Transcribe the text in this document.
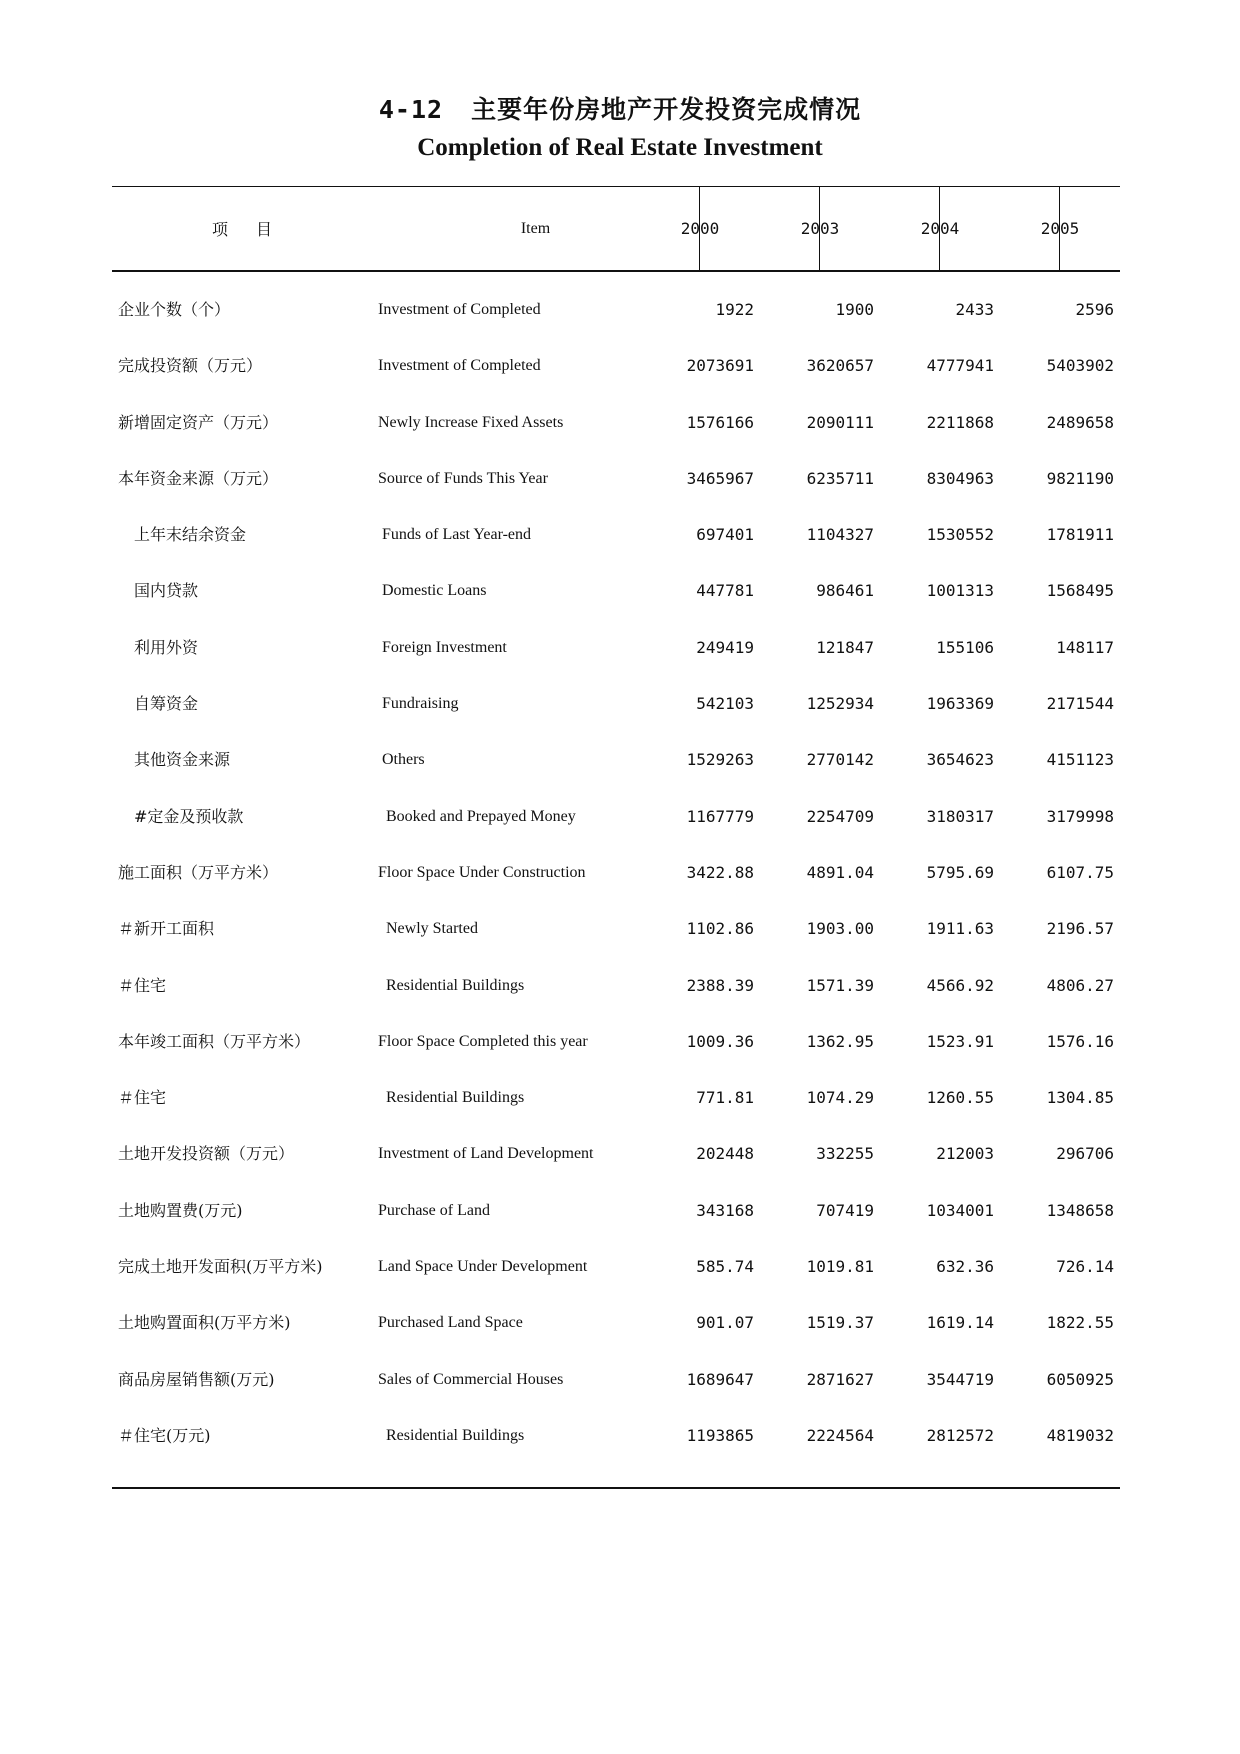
4-12 主要年份房地产开发投资完成情况
Completion of Real Estate Investment
项目	Item	2000	2003	2004	2005
企业个数（个）	Investment of Completed	1922	1900	2433	2596
完成投资额（万元）	Investment of Completed	2073691	3620657	4777941	5403902
新增固定资产（万元）	Newly Increase Fixed Assets	1576166	2090111	2211868	2489658
本年资金来源（万元）	Source of Funds This Year	3465967	6235711	8304963	9821190
上年末结余资金	Funds of Last Year-end	697401	1104327	1530552	1781911
国内贷款	Domestic Loans	447781	986461	1001313	1568495
利用外资	Foreign Investment	249419	121847	155106	148117
自筹资金	Fundraising	542103	1252934	1963369	2171544
其他资金来源	Others	1529263	2770142	3654623	4151123
#定金及预收款	Booked and Prepayed Money	1167779	2254709	3180317	3179998
施工面积（万平方米）	Floor Space Under Construction	3422.88	4891.04	5795.69	6107.75
＃新开工面积	Newly Started	1102.86	1903.00	1911.63	2196.57
＃住宅	Residential Buildings	2388.39	1571.39	4566.92	4806.27
本年竣工面积（万平方米）	Floor Space Completed this year	1009.36	1362.95	1523.91	1576.16
＃住宅	Residential Buildings	771.81	1074.29	1260.55	1304.85
土地开发投资额（万元）	Investment of Land Development	202448	332255	212003	296706
土地购置费(万元)	Purchase of Land	343168	707419	1034001	1348658
完成土地开发面积(万平方米)	Land Space Under Development	585.74	1019.81	632.36	726.14
土地购置面积(万平方米)	Purchased Land Space	901.07	1519.37	1619.14	1822.55
商品房屋销售额(万元)	Sales of Commercial Houses	1689647	2871627	3544719	6050925
＃住宅(万元)	Residential Buildings	1193865	2224564	2812572	4819032
